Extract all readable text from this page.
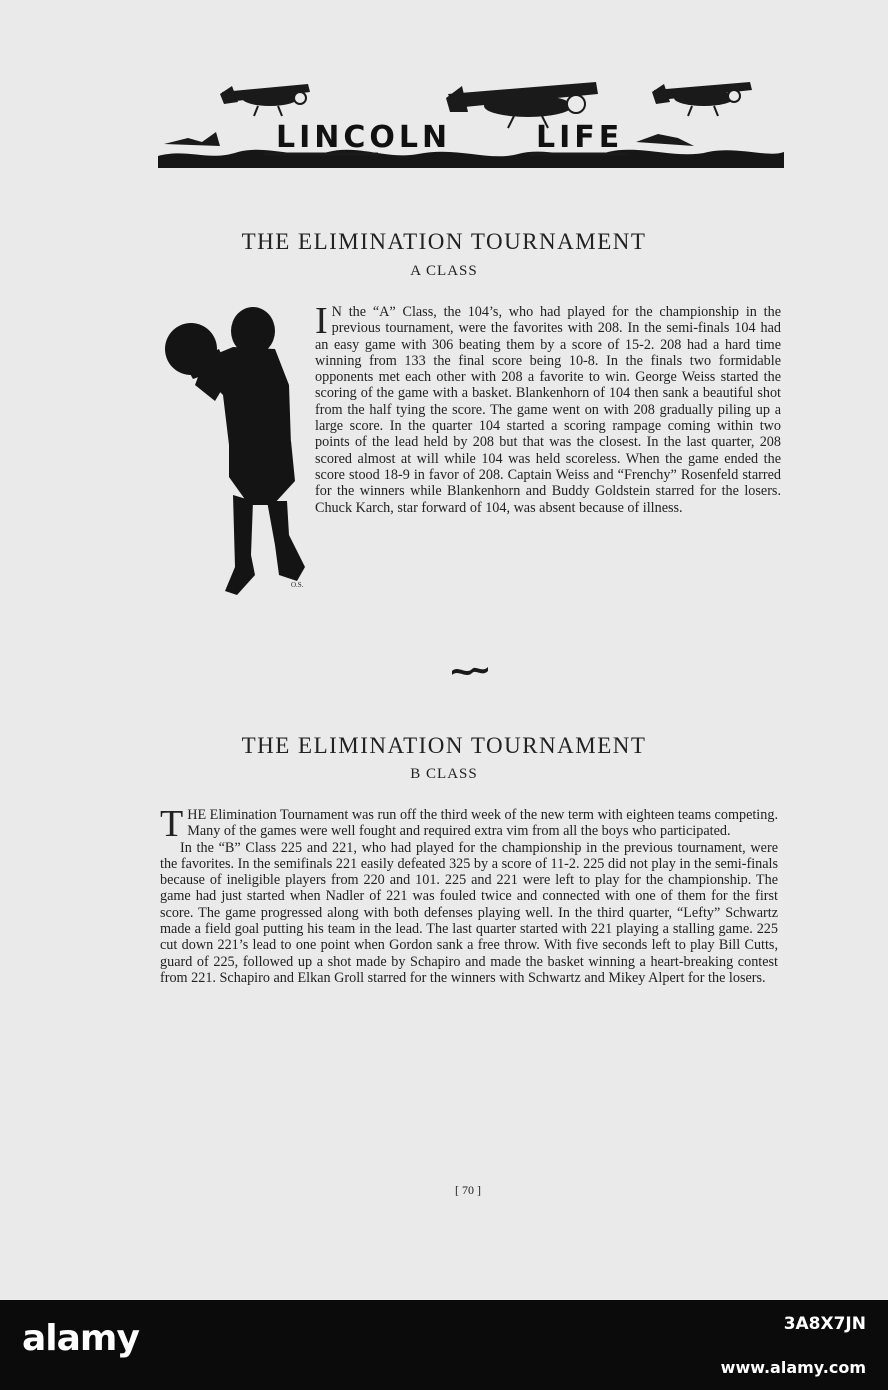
LINCOLN	LIFE
THE ELIMINATION TOURNAMENT
A CLASS
O.S.

I N the “A” Class, the 104’s, who had played for the championship in the previous tournament, were the favorites with 208. In the semi-finals 104 had an easy game with 306 beating them by a score of 15-2. 208 had a hard time winning from 133 the final score being 10-8. In the finals two formidable opponents met each other with 208 a favorite to win. George Weiss started the scoring of the game with a basket. Blankenhorn of 104 then sank a beautiful shot from the half tying the score. The game went on with 208 gradually piling up a large score. In the quarter 104 started a scoring rampage coming within two points of the lead held by 208 but that was the closest. In the last quarter, 208 scored almost at will while 104 was held scoreless. When the game ended the score stood 18-9 in favor of 208. Captain Weiss and “Frenchy” Rosenfeld starred for the winners while Blankenhorn and Buddy Goldstein starred for the losers. Chuck Karch, star forward of 104, was absent because of illness.

THE ELIMINATION TOURNAMENT
B CLASS

T HE Elimination Tournament was run off the third week of the new term with eighteen teams competing. Many of the games were well fought and required extra vim from all the boys who participated.

In the “B” Class 225 and 221, who had played for the championship in the previous tournament, were the favorites. In the semifinals 221 easily defeated 325 by a score of 11-2. 225 did not play in the semi-finals because of ineligible players from 220 and 101. 225 and 221 were left to play for the championship. The game had just started when Nadler of 221 was fouled twice and connected with one of them for the first score. The game progressed along with both defenses playing well. In the third quarter, “Lefty” Schwartz made a field goal putting his team in the lead. The last quarter started with 221 playing a stalling game. 225 cut down 221’s lead to one point when Gordon sank a free throw. With five seconds left to play Bill Cutts, guard of 225, followed up a shot made by Schapiro and made the basket winning a heart-breaking contest from 221. Schapiro and Elkan Groll starred for the winners with Schwartz and Mikey Alpert for the losers.

[ 70 ]
alamy	3A8X7JN
www.alamy.com
